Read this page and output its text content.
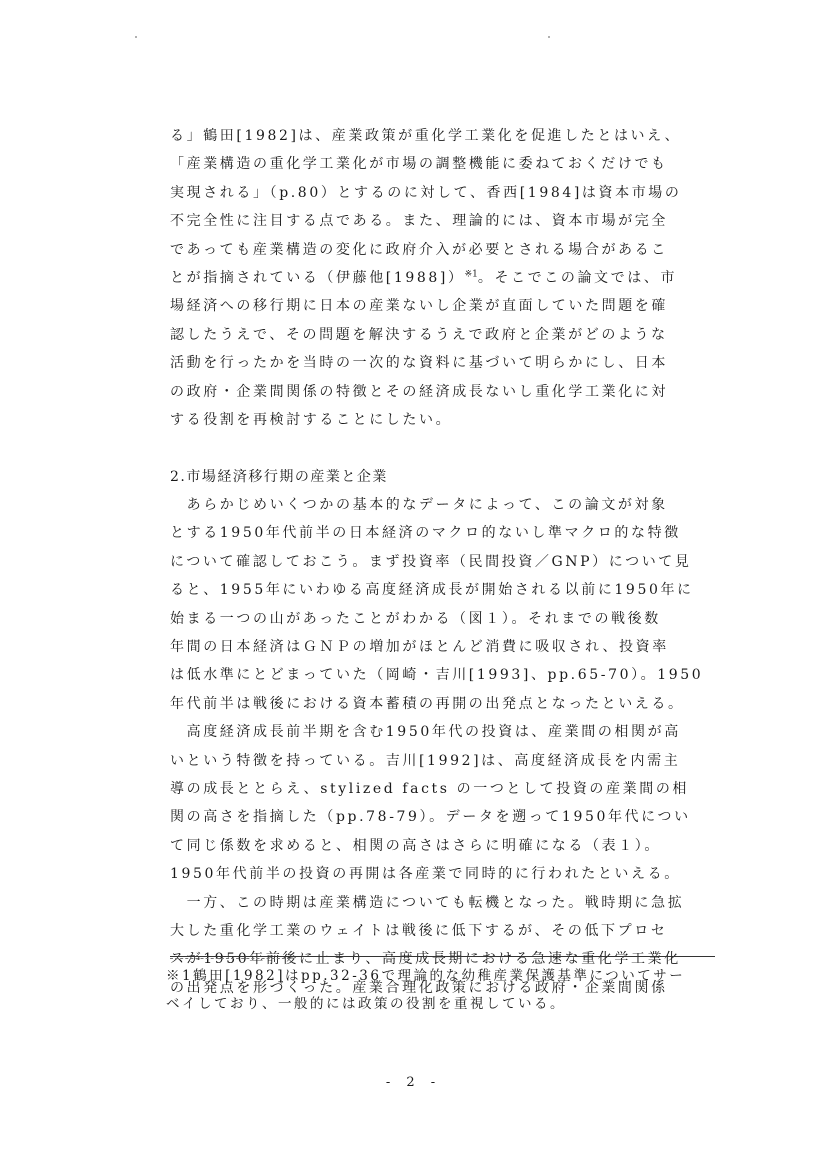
る」鶴田[1982]は、産業政策が重化学工業化を促進したとはいえ、
「産業構造の重化学工業化が市場の調整機能に委ねておくだけでも
実現される」（p.80）とするのに対して、香西[1984]は資本市場の
不完全性に注目する点である。また、理論的には、資本市場が完全
であっても産業構造の変化に政府介入が必要とされる場合があるこ
とが指摘されている（伊藤他[1988]）$^{※1}$。そこでこの論文では、市
場経済への移行期に日本の産業ないし企業が直面していた問題を確
認したうえで、その問題を解決するうえで政府と企業がどのような
活動を行ったかを当時の一次的な資料に基づいて明らかにし、日本
の政府・企業間関係の特徴とその経済成長ないし重化学工業化に対
する役割を再検討することにしたい。
2.市場経済移行期の産業と企業
　あらかじめいくつかの基本的なデータによって、この論文が対象
とする1950年代前半の日本経済のマクロ的ないし準マクロ的な特徴
について確認しておこう。まず投資率（民間投資／GNP）について見
ると、1955年にいわゆる高度経済成長が開始される以前に1950年に
始まる一つの山があったことがわかる（図１）。それまでの戦後数
年間の日本経済はＧＮＰの増加がほとんど消費に吸収され、投資率
は低水準にとどまっていた（岡崎・吉川[1993]、pp.65-70）。1950
年代前半は戦後における資本蓄積の再開の出発点となったといえる。
　高度経済成長前半期を含む1950年代の投資は、産業間の相関が高
いという特徴を持っている。吉川[1992]は、高度経済成長を内需主
導の成長ととらえ、stylized facts の一つとして投資の産業間の相
関の高さを指摘した（pp.78-79）。データを遡って1950年代につい
て同じ係数を求めると、相関の高さはさらに明確になる（表１）。
1950年代前半の投資の再開は各産業で同時的に行われたといえる。
　一方、この時期は産業構造についても転機となった。戦時期に急拡
大した重化学工業のウェイトは戦後に低下するが、その低下プロセ
スが1950年前後に止まり、高度成長期における急速な重化学工業化
の出発点を形づくった。産業合理化政策における政府・企業間関係
※1鶴田[1982]はpp.32-36で理論的な幼稚産業保護基準についてサー
ベイしており、一般的には政策の役割を重視している。
- 2 -
